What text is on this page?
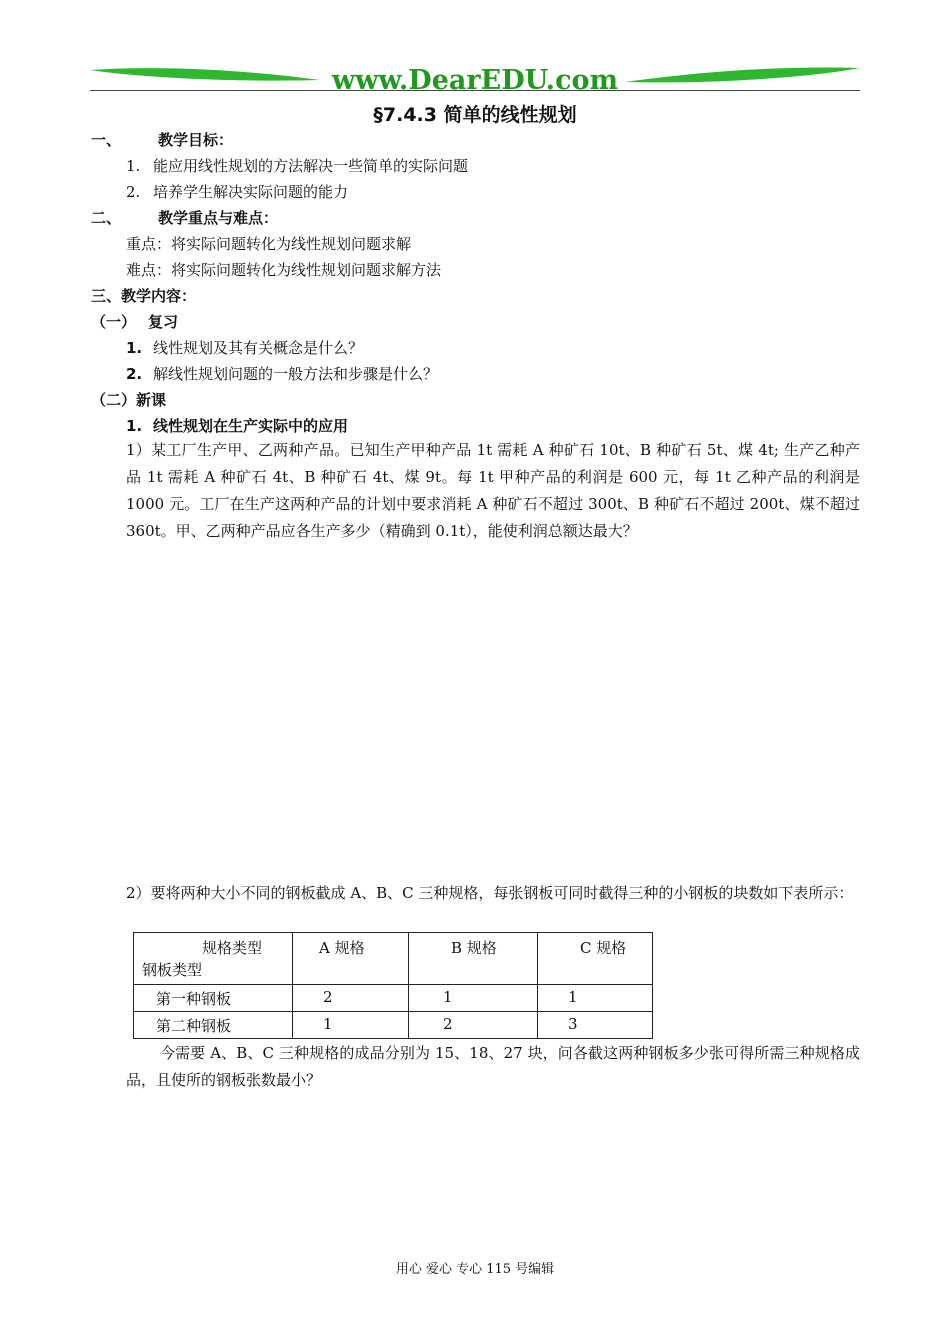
www.DearEDU.com
§7.4.3 简单的线性规划
一、 教学目标：
1. 能应用线性规划的方法解决一些简单的实际问题
2. 培养学生解决实际问题的能力
二、 教学重点与难点：
重点：将实际问题转化为线性规划问题求解
难点：将实际问题转化为线性规划问题求解方法
三、教学内容：
（一） 复习
1. 线性规划及其有关概念是什么？
2. 解线性规划问题的一般方法和步骤是什么？
（二）新课
1. 线性规划在生产实际中的应用
1）某工厂生产甲、乙两种产品。已知生产甲种产品 1t 需耗 A 种矿石 10t、B 种矿石 5t、煤 4t; 生产乙种产品 1t 需耗 A 种矿石 4t、B 种矿石 4t、煤 9t。每 1t 甲种产品的利润是 600 元，每 1t 乙种产品的利润是 1000 元。工厂在生产这两种产品的计划中要求消耗 A 种矿石不超过 300t、B 种矿石不超过 200t、煤不超过 360t。甲、乙两种产品应各生产多少（精确到 0.1t），能使利润总额达最大？
2）要将两种大小不同的钢板截成 A、B、C 三种规格，每张钢板可同时截得三种的小钢板的块数如下表所示：
规格类型
钢板类型	A 规格	B 规格	C 规格

第一种钢板	2	1	1

第二种钢板	1	2	3
今需要 A、B、C 三种规格的成品分别为 15、18、27 块，问各截这两种钢板多少张可得所需三种规格成品，且使所的钢板张数最小？
用心 爱心 专心 115 号编辑
